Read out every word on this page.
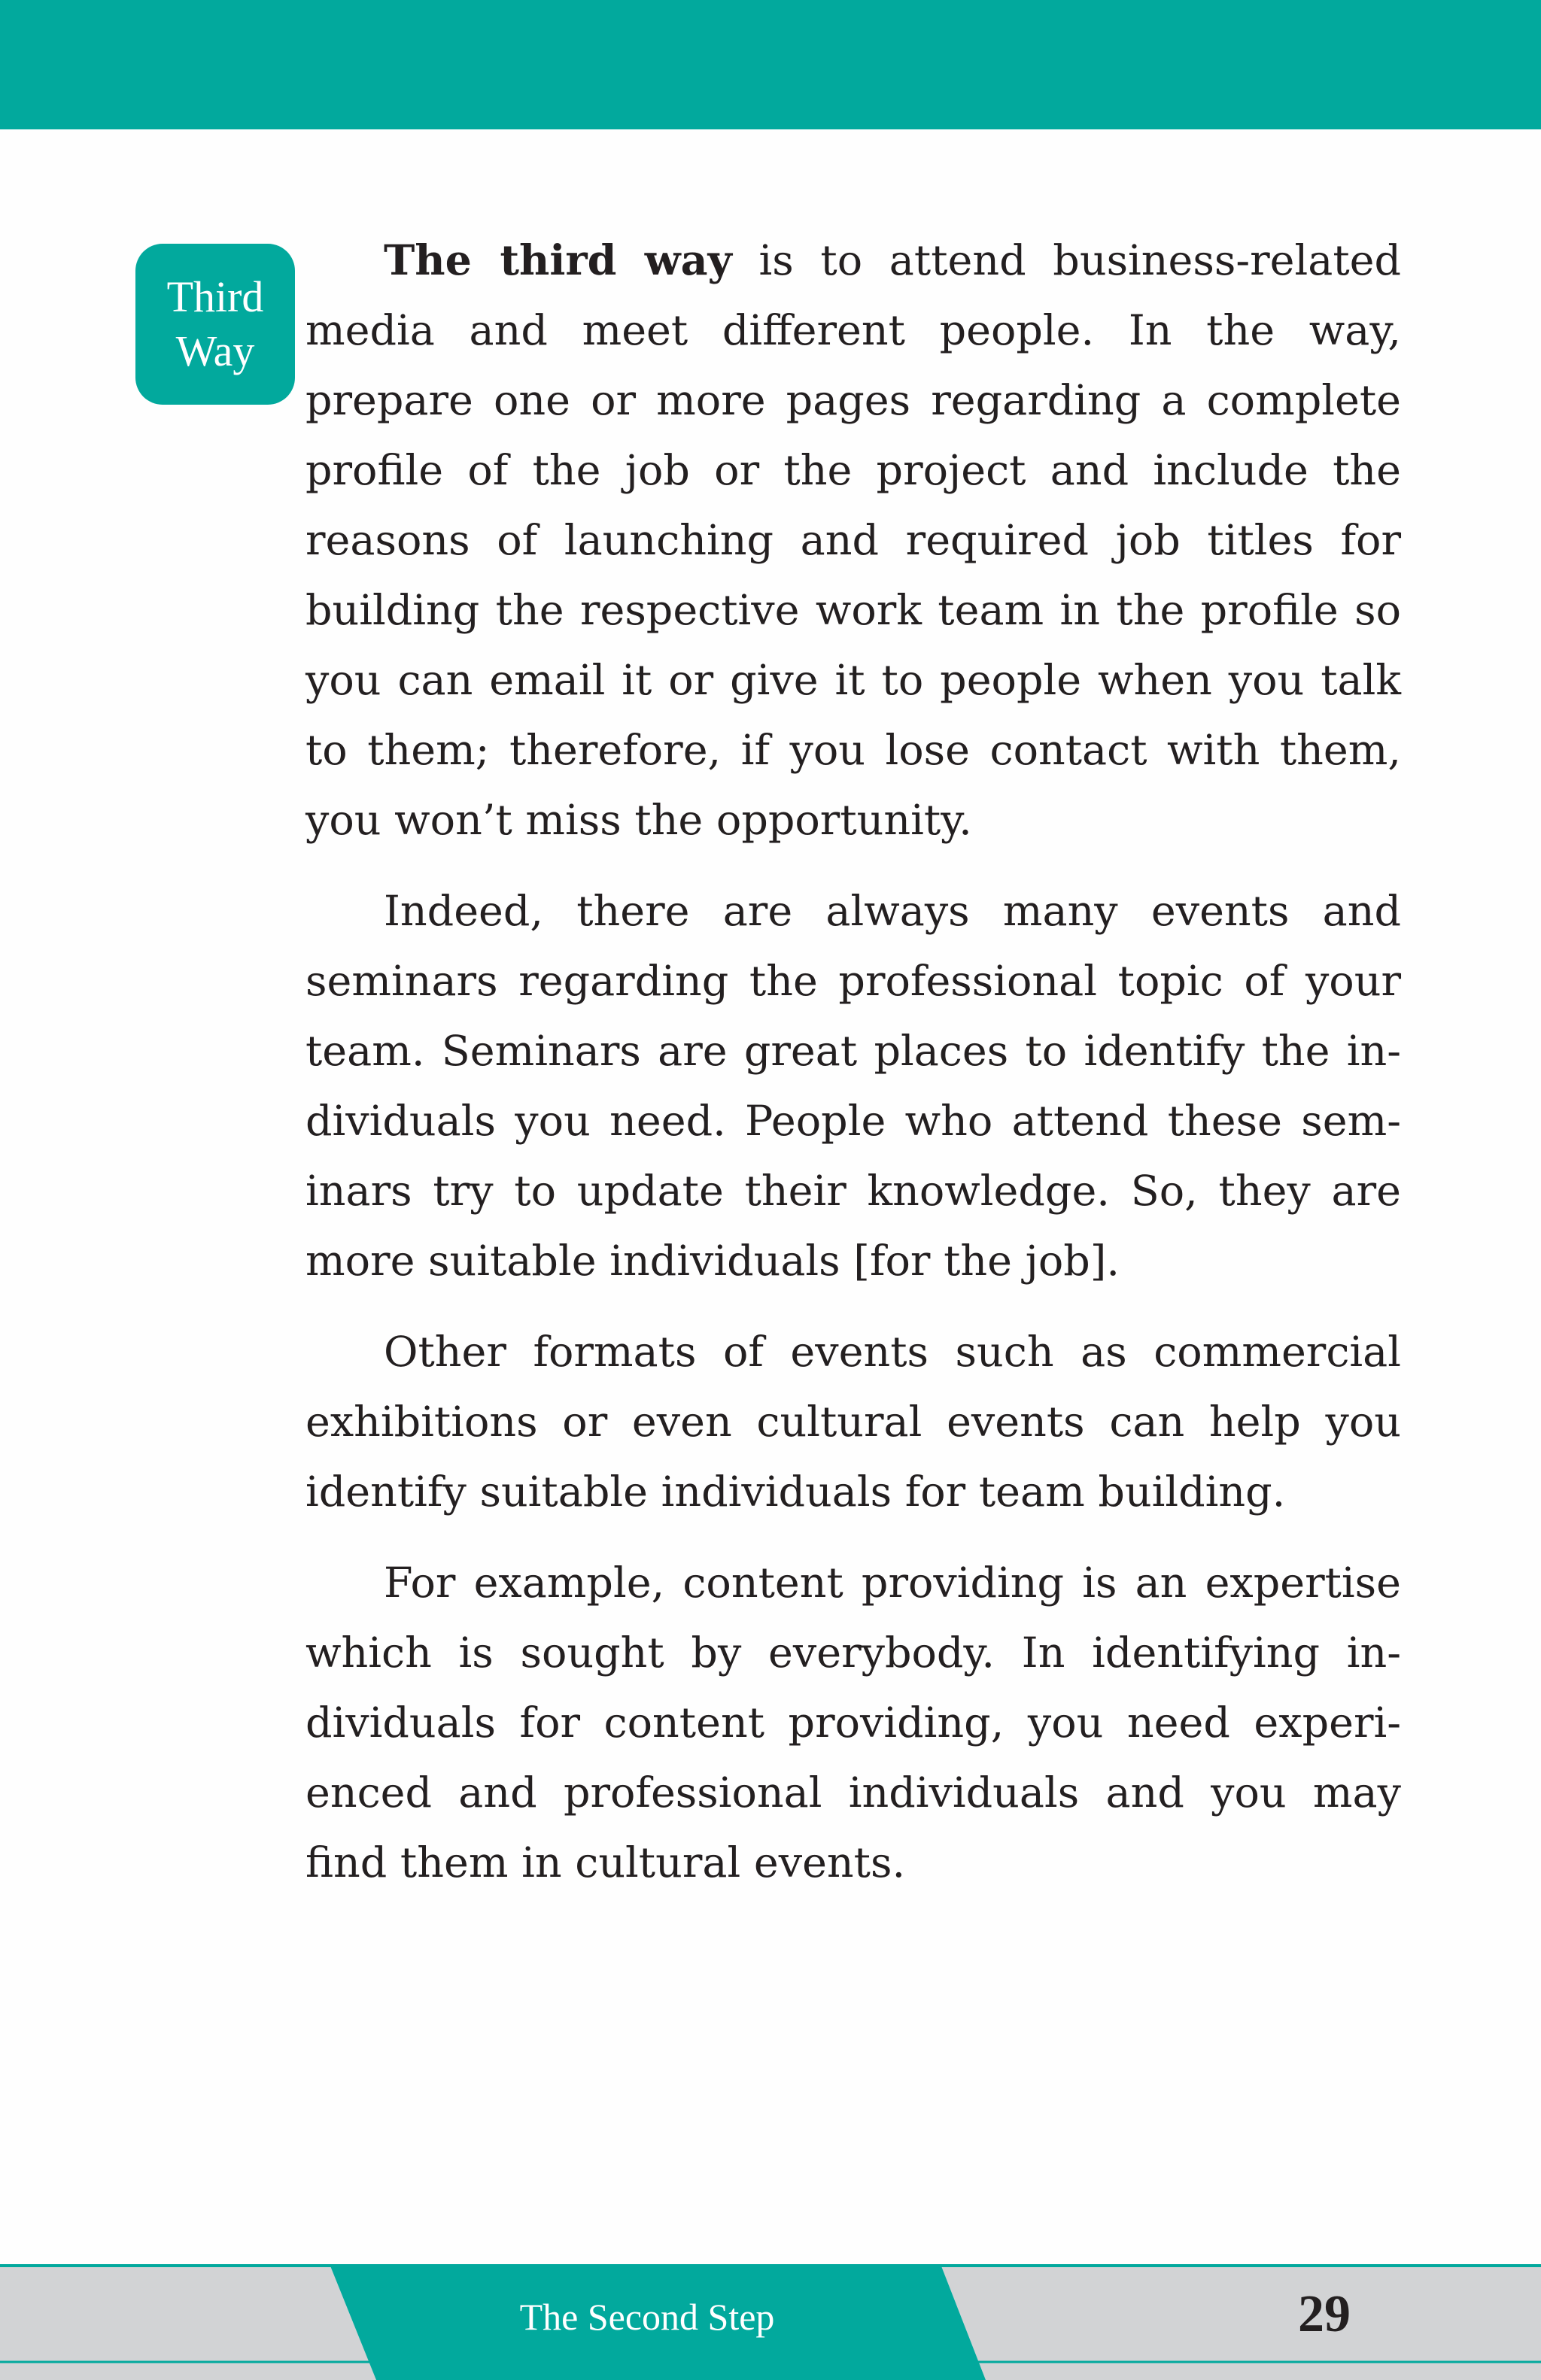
Third
Way

The third way is to attend business-related media and meet different people. In the way, prepare one or more pages regarding a complete profile of the job or the project and include the reasons of launching and required job titles for building the respective work team in the profile so you can email it or give it to people when you talk to them; therefore, if you lose contact with them, you won’t miss the opportunity.

Indeed, there are always many events and seminars regarding the professional topic of your team. Seminars are great places to identify the individuals you need. People who attend these seminars try to update their knowledge. So, they are more suitable individuals [for the job].

Other formats of events such as commercial exhibitions or even cultural events can help you identify suitable individuals for team building.

For example, content providing is an expertise which is sought by everybody. In identifying individuals for content providing, you need experienced and professional individuals and you may find them in cultural events.

The Second Step	29
